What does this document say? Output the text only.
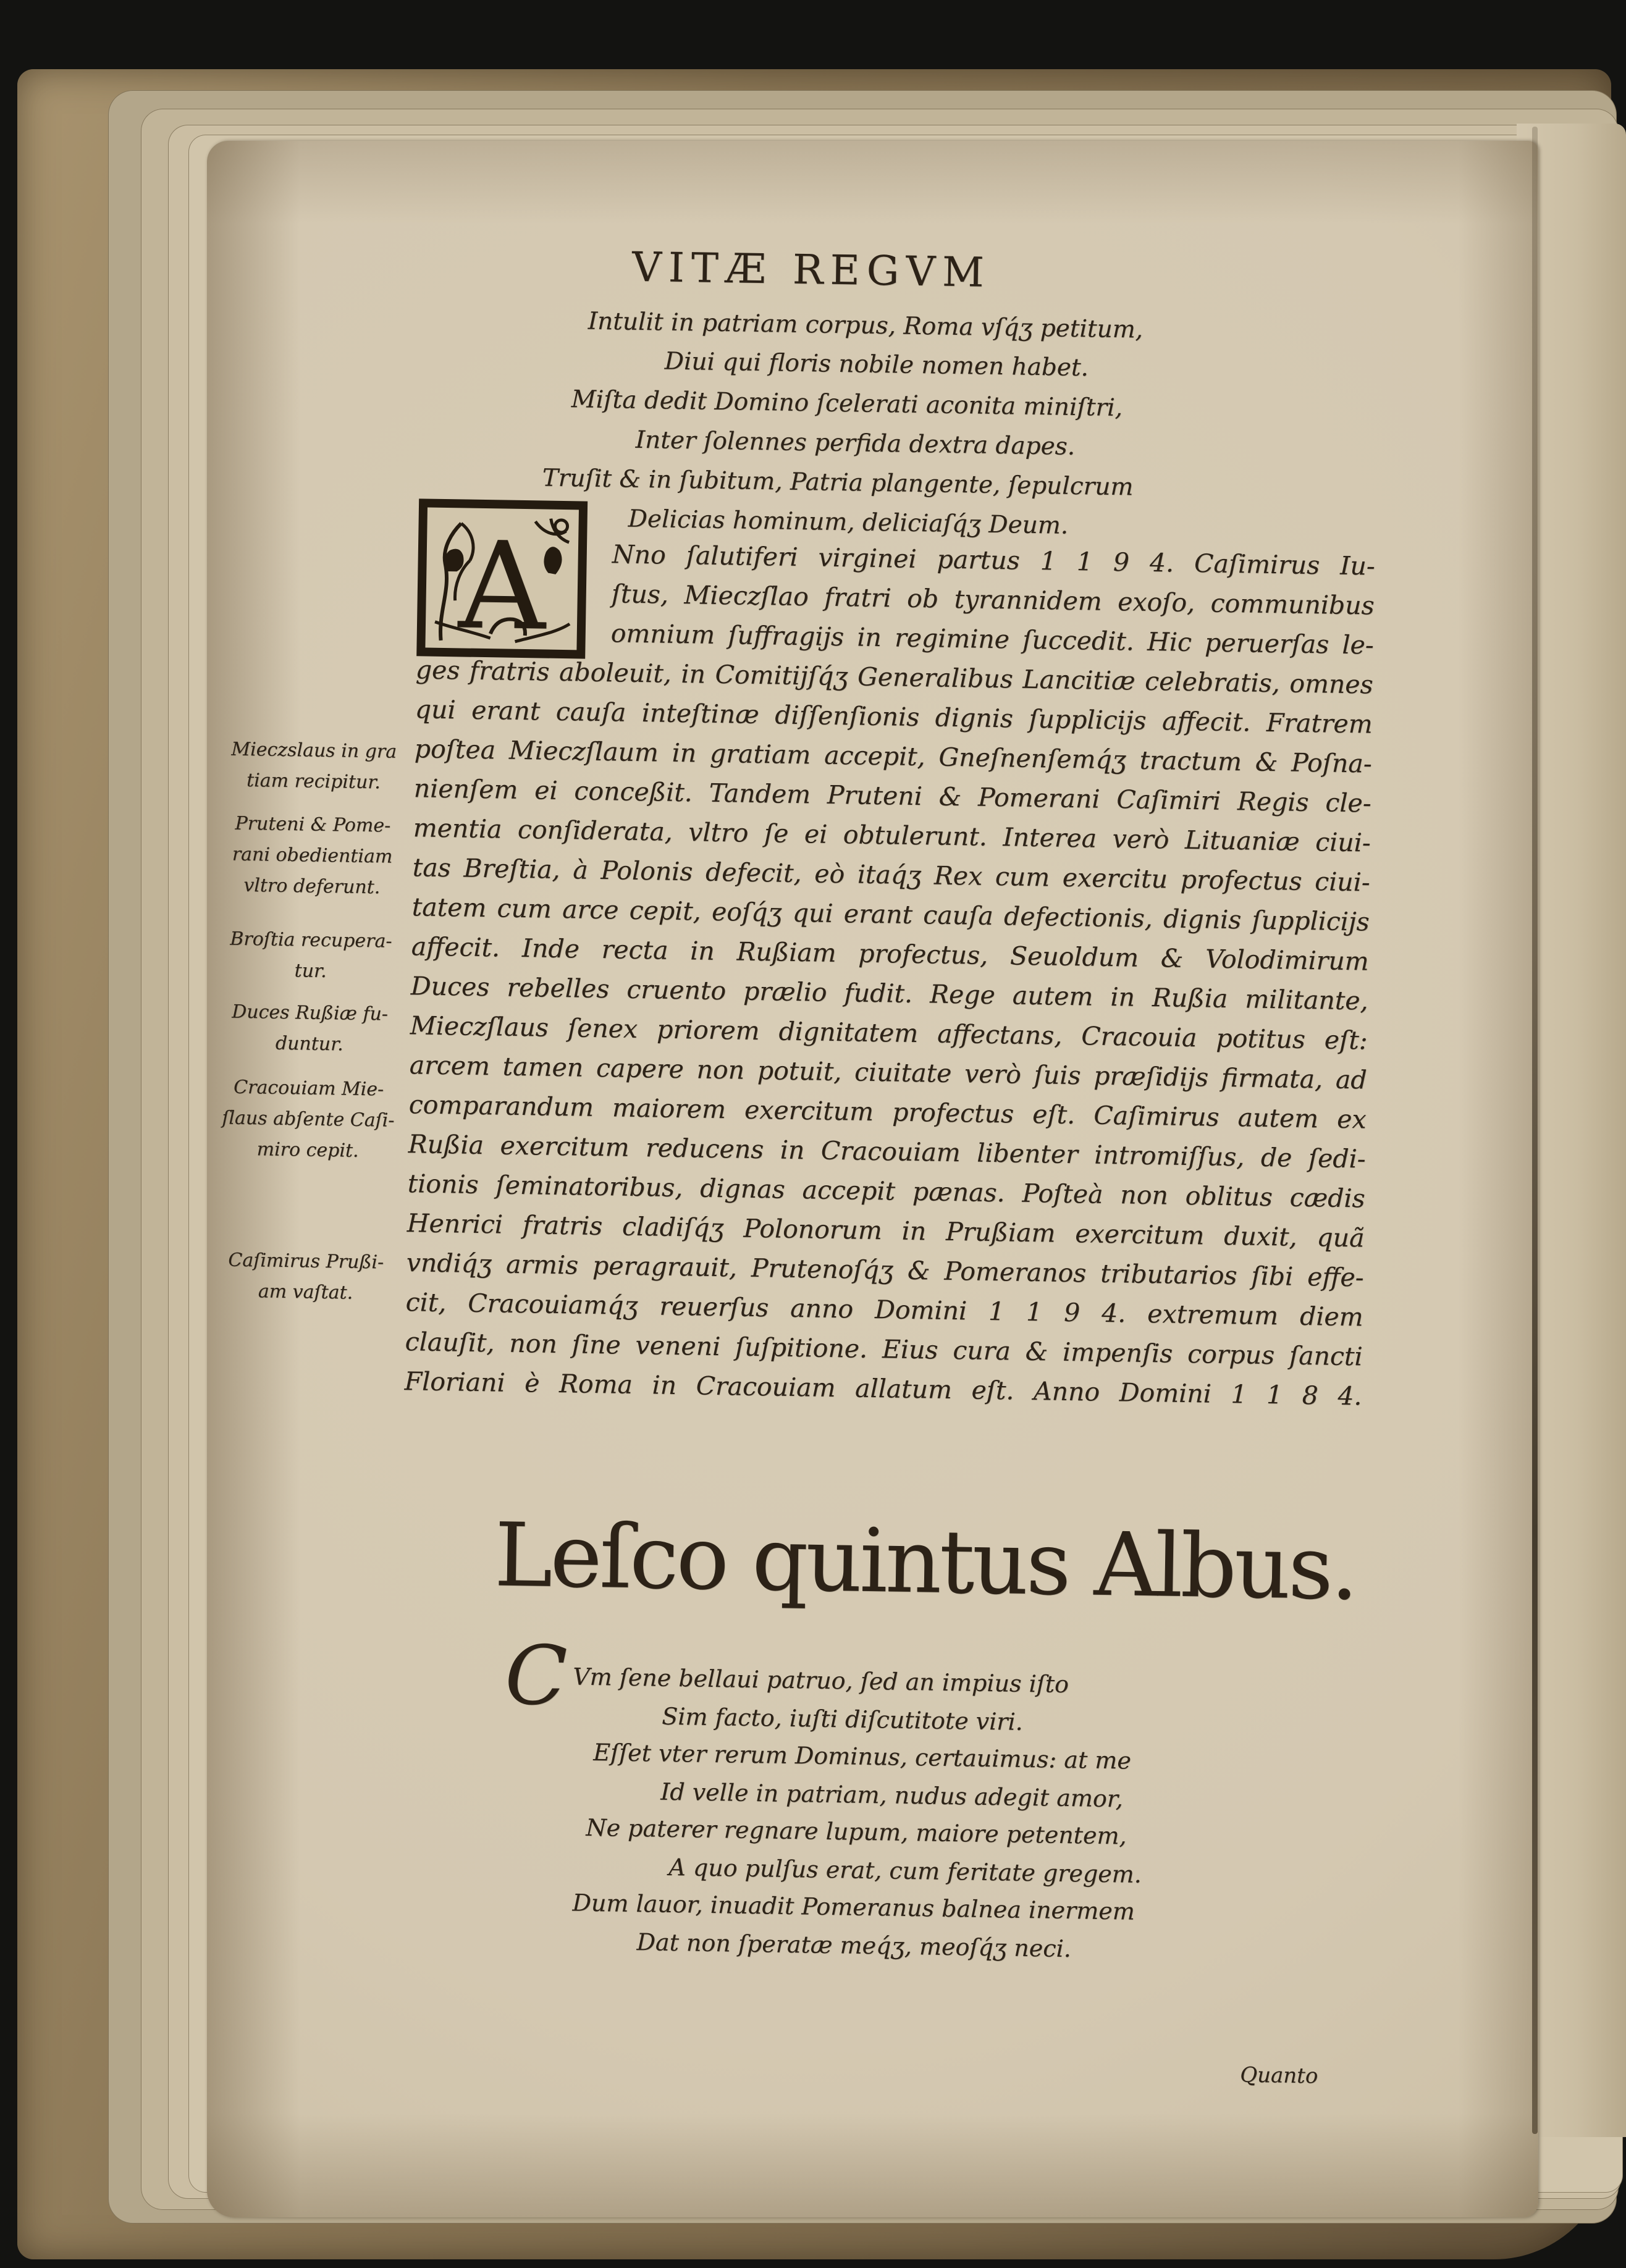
VITÆ REGVM
Intulit in patriam corpus, Roma vſq́ʒ petitum,
Diui qui floris nobile nomen habet.
Miſta dedit Domino ſcelerati aconita miniſtri,
Inter ſolennes perfida dextra dapes.
Truſit & in ſubitum, Patria plangente, ſepulcrum
Delicias hominum, deliciaſq́ʒ Deum.
A	Nno ſalutiferi virginei partus 1 1 9 4. Caſimirus Iu-
ſtus, Mieczſlao fratri ob tyrannidem exoſo, communibus
omnium ſuffragijs in regimine ſuccedit. Hic peruerſas le-
ges fratris aboleuit, in Comitijſq́ʒ Generalibus Lancitiæ celebratis, omnes
qui erant cauſa inteſtinæ diſſenſionis dignis ſupplicijs affecit. Fratrem
poſtea Mieczſlaum in gratiam accepit, Gneſnenſemq́ʒ tractum & Poſna-
nienſem ei conceßit. Tandem Pruteni & Pomerani Caſimiri Regis cle-
mentia conſiderata, vltro ſe ei obtulerunt. Interea verò Lituaniæ ciui-
tas Breſtia, à Polonis defecit, eò itaq́ʒ Rex cum exercitu profectus ciui-
tatem cum arce cepit, eoſq́ʒ qui erant cauſa defectionis, dignis ſupplicijs
affecit. Inde recta in Rußiam profectus, Seuoldum & Volodimirum
Duces rebelles cruento prælio fudit. Rege autem in Rußia militante,
Mieczſlaus ſenex priorem dignitatem affectans, Cracouia potitus eſt:
arcem tamen capere non potuit, ciuitate verò ſuis præſidijs firmata, ad
comparandum maiorem exercitum profectus eſt. Caſimirus autem ex
Rußia exercitum reducens in Cracouiam libenter intromiſſus, de ſedi-
tionis ſeminatoribus, dignas accepit pænas. Poſteà non oblitus cædis
Henrici fratris cladiſq́ʒ Polonorum in Prußiam exercitum duxit, quã
vndiq́ʒ armis peragrauit, Prutenoſq́ʒ & Pomeranos tributarios ſibi effe-
cit, Cracouiamq́ʒ reuerſus anno Domini 1 1 9 4. extremum diem
clauſit, non ſine veneni ſuſpitione. Eius cura & impenſis corpus ſancti
Floriani è Roma in Cracouiam allatum eſt. Anno Domini 1 1 8 4.
Mieczslaus in gra
tiam recipitur.
Pruteni & Pome-
rani obedientiam
vltro deferunt.
Broſtia recupera-
tur.
Duces Rußiæ fu-
duntur.
Cracouiam Mie-
ſlaus abſente Caſi-
miro cepit.
Caſimirus Prußi-
am vaſtat.
Leſco quintus Albus.
C Vm ſene bellaui patruo, ſed an impius iſto
Sim facto, iuſti diſcutitote viri.
Eſſet vter rerum Dominus, certauimus: at me
Id velle in patriam, nudus adegit amor,
Ne paterer regnare lupum, maiore petentem,
A quo pulſus erat, cum feritate gregem.
Dum lauor, inuadit Pomeranus balnea inermem
Dat non ſperatæ meq́ʒ, meoſq́ʒ neci.
Quanto
